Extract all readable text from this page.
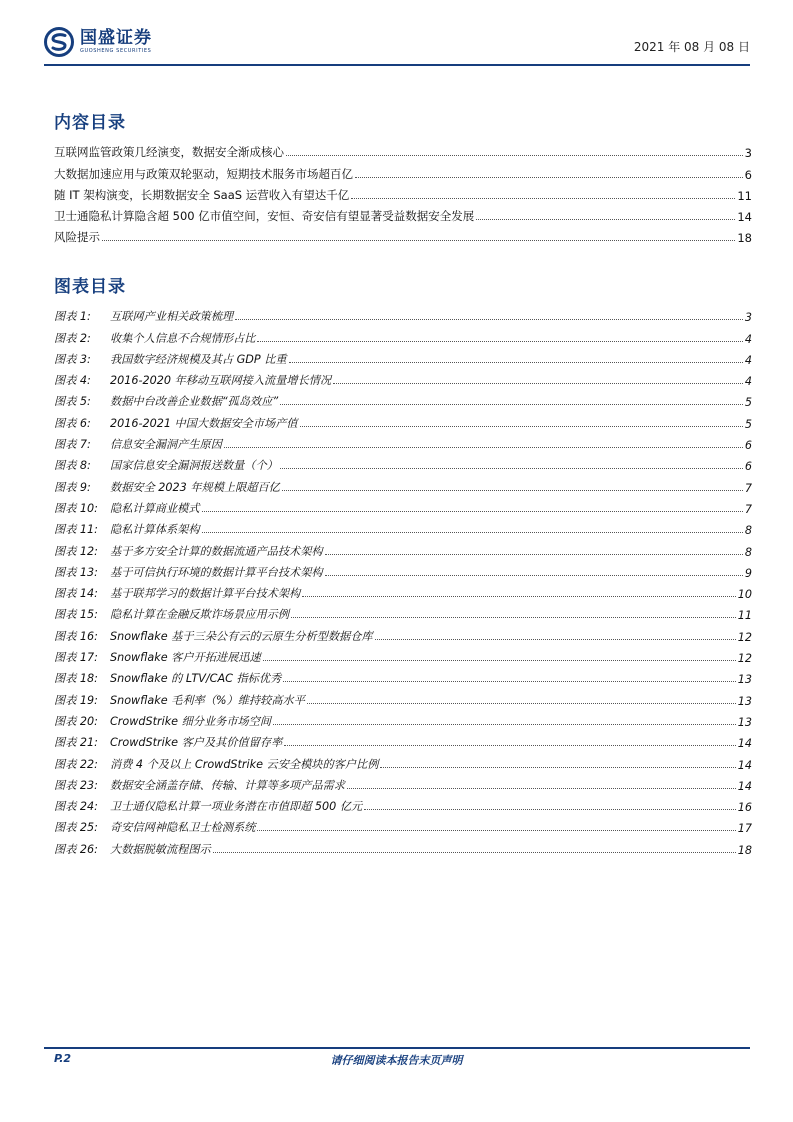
国盛证券
GUOSHENG SECURITIES	2021 年 08 月 08 日
内容目录
互联网监管政策几经演变，数据安全渐成核心	3
大数据加速应用与政策双轮驱动，短期技术服务市场超百亿	6
随 IT 架构演变，长期数据安全 SaaS 运营收入有望达千亿	11
卫士通隐私计算隐含超 500 亿市值空间，安恒、奇安信有望显著受益数据安全发展	14
风险提示	18
图表目录
图表 1: 互联网产业相关政策梳理	3
图表 2: 收集个人信息不合规情形占比	4
图表 3: 我国数字经济规模及其占 GDP 比重	4
图表 4: 2016-2020 年移动互联网接入流量增长情况	4
图表 5: 数据中台改善企业数据“孤岛效应”	5
图表 6: 2016-2021 中国大数据安全市场产值	5
图表 7: 信息安全漏洞产生原因	6
图表 8: 国家信息安全漏洞报送数量（个）	6
图表 9: 数据安全 2023 年规模上限超百亿	7
图表 10: 隐私计算商业模式	7
图表 11: 隐私计算体系架构	8
图表 12: 基于多方安全计算的数据流通产品技术架构	8
图表 13: 基于可信执行环境的数据计算平台技术架构	9
图表 14: 基于联邦学习的数据计算平台技术架构	10
图表 15: 隐私计算在金融反欺诈场景应用示例	11
图表 16: Snowflake 基于三朵公有云的云原生分析型数据仓库	12
图表 17: Snowflake 客户开拓进展迅速	12
图表 18: Snowflake 的 LTV/CAC 指标优秀	13
图表 19: Snowflake 毛利率（%）维持较高水平	13
图表 20: CrowdStrike 细分业务市场空间	13
图表 21: CrowdStrike 客户及其价值留存率	14
图表 22: 消费 4 个及以上 CrowdStrike 云安全模块的客户比例	14
图表 23: 数据安全涵盖存储、传输、计算等多项产品需求	14
图表 24: 卫士通仅隐私计算一项业务潜在市值即超 500 亿元	16
图表 25: 奇安信网神隐私卫士检测系统	17
图表 26: 大数据脱敏流程图示	18
P.2	请仔细阅读本报告末页声明
